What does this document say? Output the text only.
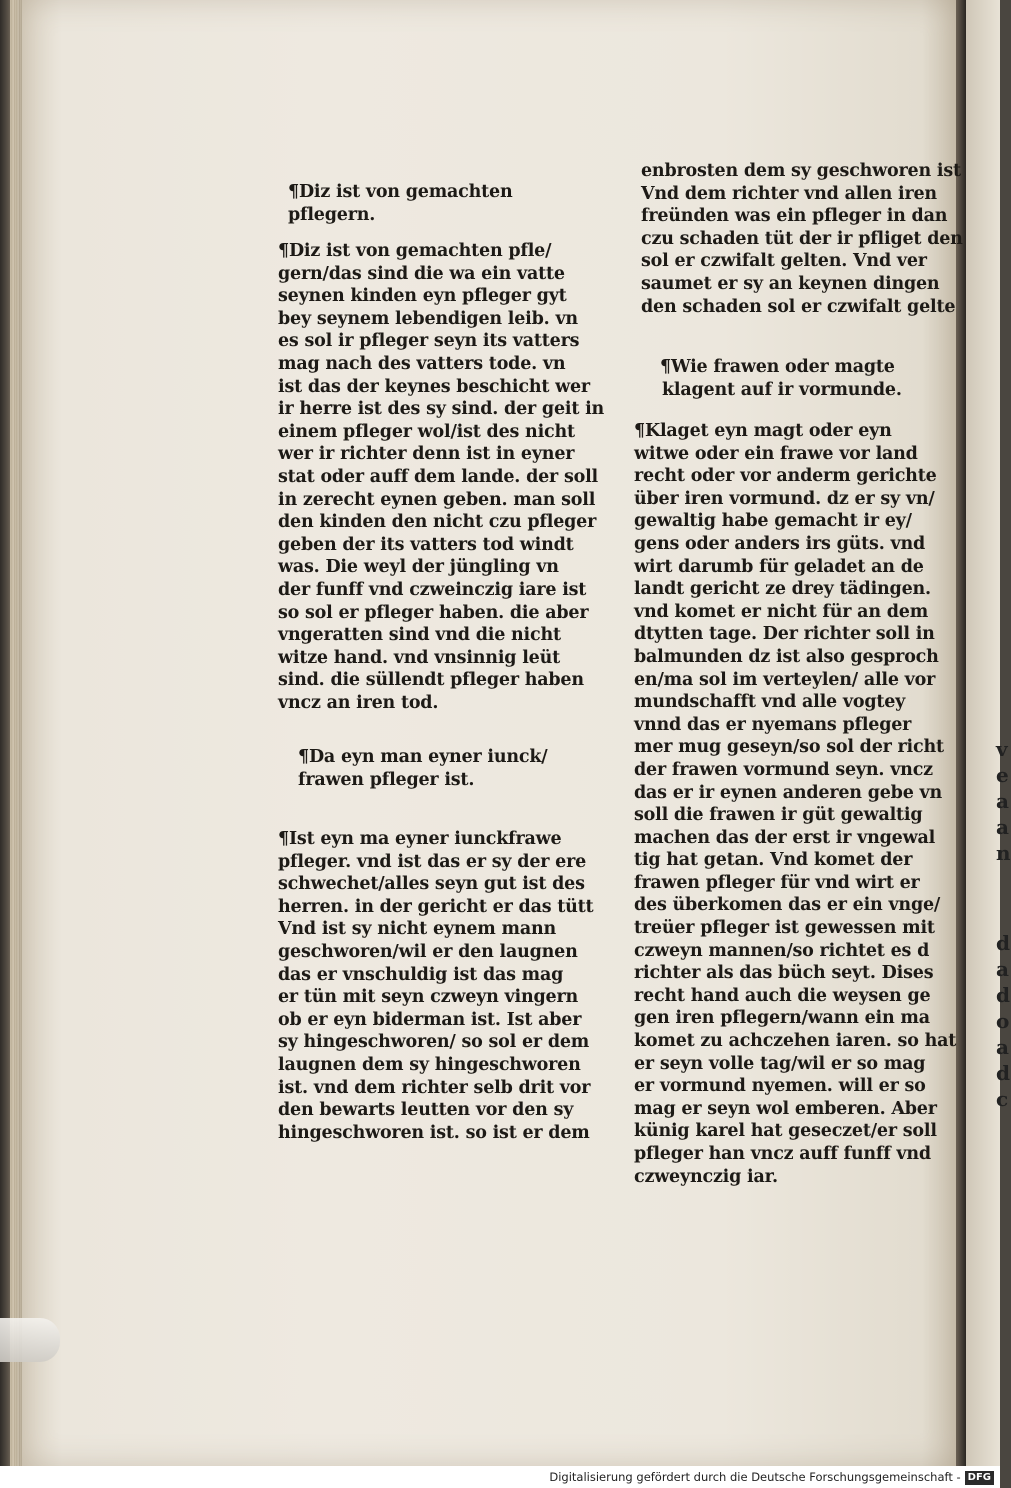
v
e
a
a
n
d
a
d
o
a
d
c

¶Diz ist von gemachten

pflegern.

¶Diz ist von gemachten pfle/

gern/das sind die wa ein vatte

seynen kinden eyn pfleger gyt

bey seynem lebendigen leib. vn

es sol ir pfleger seyn its vatters

mag nach des vatters tode. vn

ist das der keynes beschicht wer

ir herre ist des sy sind. der geit in

einem pfleger wol/ist des nicht

wer ir richter denn ist in eyner

stat oder auff dem lande. der soll

in zerecht eynen geben. man soll

den kinden den nicht czu pfleger

geben der its vatters tod windt

was. Die weyl der jüngling vn

der funff vnd czweinczig iare ist

so sol er pfleger haben. die aber

vngeratten sind vnd die nicht

witze hand. vnd vnsinnig leüt

sind. die süllendt pfleger haben

vncz an iren tod.

¶Da eyn man eyner iunck/

frawen pfleger ist.

¶Ist eyn ma eyner iunckfrawe

pfleger. vnd ist das er sy der ere

schwechet/alles seyn gut ist des

herren. in der gericht er das tütt

Vnd ist sy nicht eynem mann

geschworen/wil er den laugnen

das er vnschuldig ist das mag

er tün mit seyn czweyn vingern

ob er eyn biderman ist. Ist aber

sy hingeschworen/ so sol er dem

laugnen dem sy hingeschworen

ist. vnd dem richter selb drit vor

den bewarts leutten vor den sy

hingeschworen ist. so ist er dem

enbrosten dem sy geschworen ist

Vnd dem richter vnd allen iren

freünden was ein pfleger in dan

czu schaden tüt der ir pfliget den

sol er czwifalt gelten. Vnd ver

saumet er sy an keynen dingen

den schaden sol er czwifalt gelte

¶Wie frawen oder magte

klagent auf ir vormunde.

¶Klaget eyn magt oder eyn

witwe oder ein frawe vor land

recht oder vor anderm gerichte

über iren vormund. dz er sy vn/

gewaltig habe gemacht ir ey/

gens oder anders irs güts. vnd

wirt darumb für geladet an de

landt gericht ze drey tädingen.

vnd komet er nicht für an dem

dtytten tage. Der richter soll in

balmunden dz ist also gesproch

en/ma sol im verteylen/ alle vor

mundschafft vnd alle vogtey

vnnd das er nyemans pfleger

mer mug geseyn/so sol der richt

der frawen vormund seyn. vncz

das er ir eynen anderen gebe vn

soll die frawen ir güt gewaltig

machen das der erst ir vngewal

tig hat getan. Vnd komet der

frawen pfleger für vnd wirt er

des überkomen das er ein vnge/

treüer pfleger ist gewessen mit

czweyn mannen/so richtet es d

richter als das büch seyt. Dises

recht hand auch die weysen ge

gen iren pflegern/wann ein ma

komet zu achczehen iaren. so hat

er seyn volle tag/wil er so mag

er vormund nyemen. will er so

mag er seyn wol emberen. Aber

künig karel hat geseczet/er soll

pfleger han vncz auff funff vnd

czweynczig iar.

Digitalisierung gefördert durch die Deutsche Forschungsgemeinschaft - DFG
